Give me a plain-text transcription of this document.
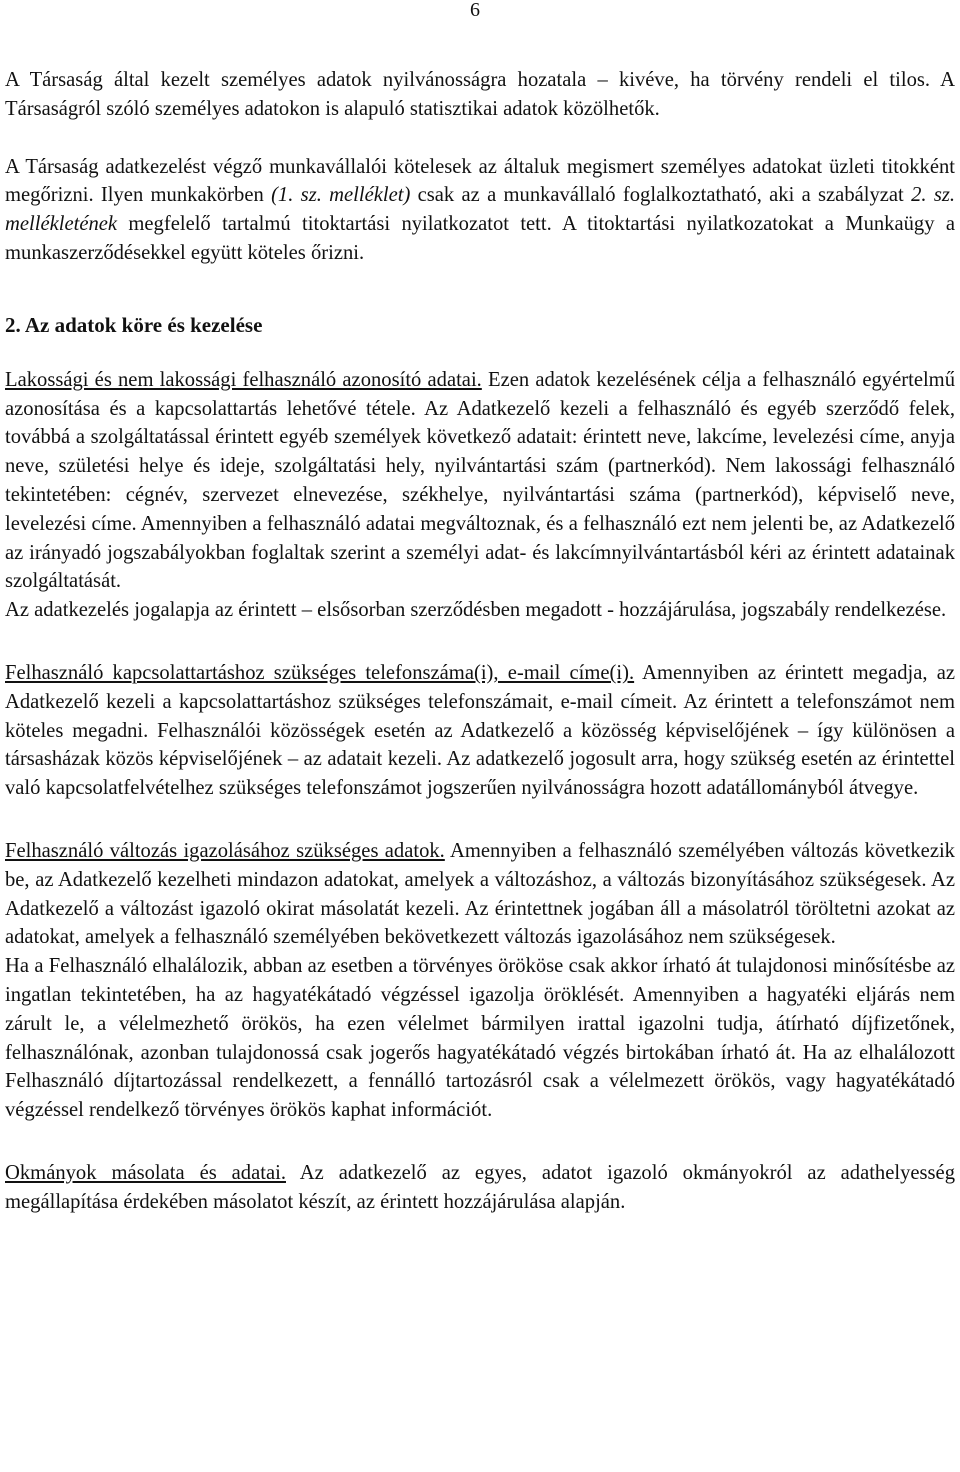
6

A Társaság által kezelt személyes adatok nyilvánosságra hozatala – kivéve, ha törvény rendeli el tilos. A Társaságról szóló személyes adatokon is alapuló statisztikai adatok közölhetők.

A Társaság adatkezelést végző munkavállalói kötelesek az általuk megismert személyes adatokat üzleti titokként megőrizni. Ilyen munkakörben (1. sz. melléklet) csak az a munkavállaló foglalkoztatható, aki a szabályzat 2. sz. mellékletének megfelelő tartalmú titoktartási nyilatkozatot tett. A titoktartási nyilatkozatokat a Munkaügy a munkaszerződésekkel együtt köteles őrizni.

2. Az adatok köre és kezelése

Lakossági és nem lakossági felhasználó azonosító adatai. Ezen adatok kezelésének célja a felhasználó egyértelmű azonosítása és a kapcsolattartás lehetővé tétele. Az Adatkezelő kezeli a felhasználó és egyéb szerződő felek, továbbá a szolgáltatással érintett egyéb személyek következő adatait: érintett neve, lakcíme, levelezési címe, anyja neve, születési helye és ideje, szolgáltatási hely, nyilvántartási szám (partnerkód). Nem lakossági felhasználó tekintetében: cégnév, szervezet elnevezése, székhelye, nyilvántartási száma (partnerkód), képviselő neve, levelezési címe. Amennyiben a felhasználó adatai megváltoznak, és a felhasználó ezt nem jelenti be, az Adatkezelő az irányadó jogszabályokban foglaltak szerint a személyi adat- és lakcímnyilvántartásból kéri az érintett adatainak szolgáltatását.

Az adatkezelés jogalapja az érintett – elsősorban szerződésben megadott - hozzájárulása, jogszabály rendelkezése.

Felhasználó kapcsolattartáshoz szükséges telefonszáma(i), e-mail címe(i). Amennyiben az érintett megadja, az Adatkezelő kezeli a kapcsolattartáshoz szükséges telefonszámait, e-mail címeit. Az érintett a telefonszámot nem köteles megadni. Felhasználói közösségek esetén az Adatkezelő a közösség képviselőjének – így különösen a társasházak közös képviselőjének – az adatait kezeli. Az adatkezelő jogosult arra, hogy szükség esetén az érintettel való kapcsolatfelvételhez szükséges telefonszámot jogszerűen nyilvánosságra hozott adatállományból átvegye.

Felhasználó változás igazolásához szükséges adatok. Amennyiben a felhasználó személyében változás következik be, az Adatkezelő kezelheti mindazon adatokat, amelyek a változáshoz, a változás bizonyításához szükségesek. Az Adatkezelő a változást igazoló okirat másolatát kezeli. Az érintettnek jogában áll a másolatról töröltetni azokat az adatokat, amelyek a felhasználó személyében bekövetkezett változás igazolásához nem szükségesek.

Ha a Felhasználó elhalálozik, abban az esetben a törvényes örököse csak akkor írható át tulajdonosi minősítésbe az ingatlan tekintetében, ha az hagyatékátadó végzéssel igazolja öröklését. Amennyiben a hagyatéki eljárás nem zárult le, a vélelmezhető örökös, ha ezen vélelmet bármilyen irattal igazolni tudja, átírható díjfizetőnek, felhasználónak, azonban tulajdonossá csak jogerős hagyatékátadó végzés birtokában írható át. Ha az elhalálozott Felhasználó díjtartozással rendelkezett, a fennálló tartozásról csak a vélelmezett örökös, vagy hagyatékátadó végzéssel rendelkező törvényes örökös kaphat információt.

Okmányok másolata és adatai. Az adatkezelő az egyes, adatot igazoló okmányokról az adathelyesség megállapítása érdekében másolatot készít, az érintett hozzájárulása alapján.
